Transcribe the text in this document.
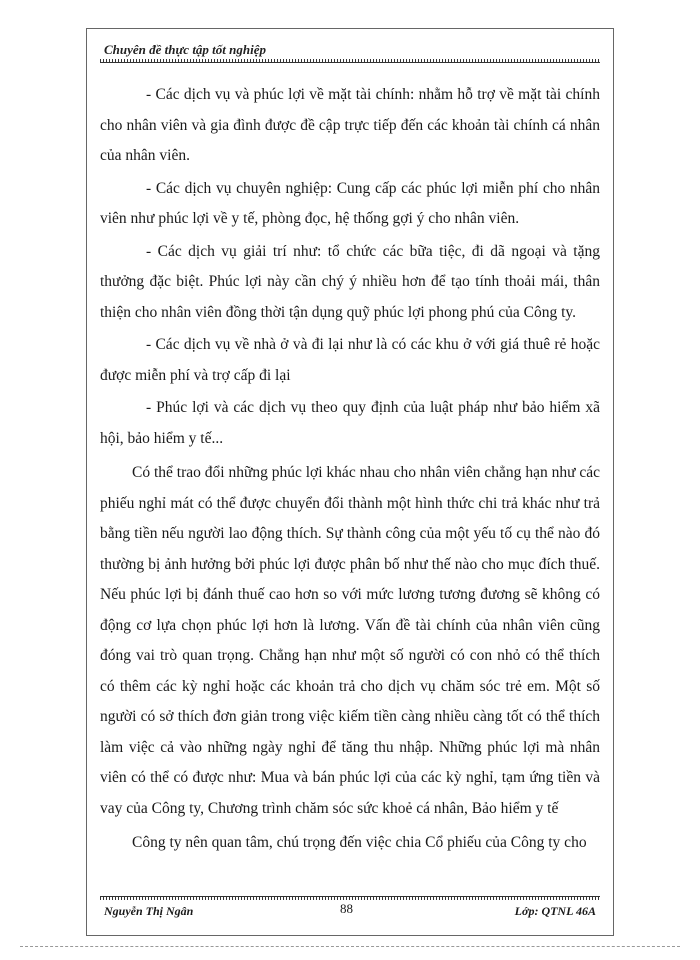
Chuyên đề thực tập tốt nghiệp

- Các dịch vụ và phúc lợi về mặt tài chính: nhằm hỗ trợ về mặt tài chính cho nhân viên và gia đình được đề cập trực tiếp đến các khoản tài chính cá nhân của nhân viên.

- Các dịch vụ chuyên nghiệp: Cung cấp các phúc lợi miễn phí cho nhân viên như phúc lợi về y tế, phòng đọc, hệ thống gợi ý cho nhân viên.

- Các dịch vụ giải trí như: tổ chức các bữa tiệc, đi dã ngoại và tặng thưởng đặc biệt. Phúc lợi này cần chý ý nhiều hơn để tạo tính thoải mái, thân thiện cho nhân viên đồng thời tận dụng quỹ phúc lợi phong phú của Công ty.

- Các dịch vụ về nhà ở và đi lại như là có các khu ở với giá thuê rẻ hoặc được miễn phí và trợ cấp đi lại

- Phúc lợi và các dịch vụ theo quy định của luật pháp như bảo hiểm xã hội, bảo hiểm y tế...

Có thể trao đổi những phúc lợi khác nhau cho nhân viên chẳng hạn như các phiếu nghỉ mát có thể được chuyển đổi thành một hình thức chi trả khác như trả bằng tiền nếu người lao động thích. Sự thành công của một yếu tố cụ thể nào đó thường bị ảnh hưởng bởi phúc lợi được phân bố như thế nào cho mục đích thuế. Nếu phúc lợi bị đánh thuế cao hơn so với mức lương tương đương sẽ không có động cơ lựa chọn phúc lợi hơn là lương. Vấn đề tài chính của nhân viên cũng đóng vai trò quan trọng. Chẳng hạn như một số người có con nhỏ có thể thích có thêm các kỳ nghỉ hoặc các khoản trả cho dịch vụ chăm sóc trẻ em. Một số người có sở thích đơn giản trong việc kiếm tiền càng nhiều càng tốt có thể thích làm việc cả vào những ngày nghỉ để tăng thu nhập. Những phúc lợi mà nhân viên có thể có được như: Mua và bán phúc lợi của các kỳ nghỉ, tạm ứng tiền và vay của Công ty, Chương trình chăm sóc sức khoẻ cá nhân, Bảo hiểm y tế

Công ty nên quan tâm, chú trọng đến việc chia Cổ phiếu của Công ty cho

Nguyễn Thị Ngân	88	Lớp: QTNL 46A
